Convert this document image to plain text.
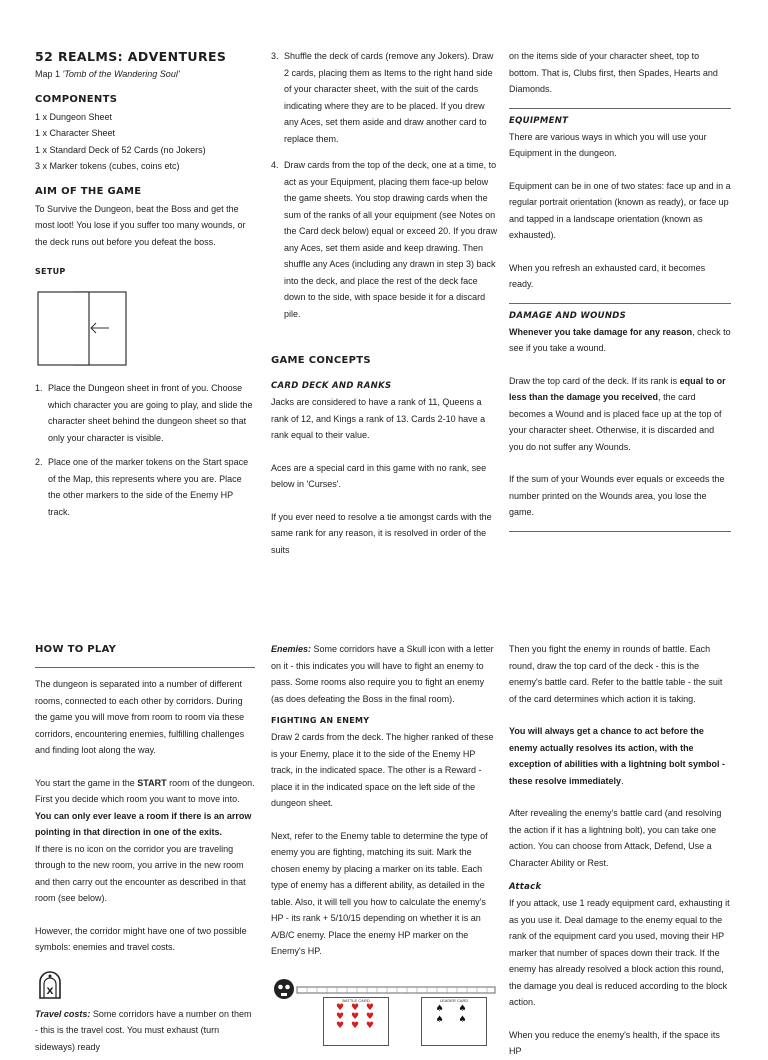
52 REALMS: ADVENTURES

Map 1 'Tomb of the Wandering Soul'

COMPONENTS

1 x Dungeon Sheet

1 x Character Sheet

1 x Standard Deck of 52 Cards (no Jokers)

3 x Marker tokens (cubes, coins etc)

AIM OF THE GAME

To Survive the Dungeon, beat the Boss and get the most loot! You lose if you suffer too many wounds, or the deck runs out before you defeat the boss.

SETUP
1. Place the Dungeon sheet in front of you. Choose which character you are going to play, and slide the character sheet behind the dungeon sheet so that only your character is visible.
2. Place one of the marker tokens on the Start space of the Map, this represents where you are. Place the other markers to the side of the Enemy HP track.
3. Shuffle the deck of cards (remove any Jokers). Draw 2 cards, placing them as Items to the right hand side of your character sheet, with the suit of the cards indicating where they are to be placed. If you drew any Aces, set them aside and draw another card to replace them.
4. Draw cards from the top of the deck, one at a time, to act as your Equipment, placing them face-up below the game sheets. You stop drawing cards when the sum of the ranks of all your equipment (see Notes on the Card deck below) equal or exceed 20. If you draw any Aces, set them aside and keep drawing. Then shuffle any Aces (including any drawn in step 3) back into the deck, and place the rest of the deck face down to the side, with space beside it for a discard pile.
GAME CONCEPTS
CARD DECK AND RANKS

Jacks are considered to have a rank of 11, Queens a rank of 12, and Kings a rank of 13. Cards 2-10 have a rank equal to their value.

Aces are a special card in this game with no rank, see below in 'Curses'.

If you ever need to resolve a tie amongst cards with the same rank for any reason, it is resolved in order of the suits

on the items side of your character sheet, top to bottom. That is, Clubs first, then Spades, Hearts and Diamonds.

EQUIPMENT

There are various ways in which you will use your Equipment in the dungeon.

Equipment can be in one of two states: face up and in a regular portrait orientation (known as ready), or face up and tapped in a landscape orientation (known as exhausted).

When you refresh an exhausted card, it becomes ready.

DAMAGE AND WOUNDS

Whenever you take damage for any reason, check to see if you take a wound.

Draw the top card of the deck. If its rank is equal to or less than the damage you received, the card becomes a Wound and is placed face up at the top of your character sheet. Otherwise, it is discarded and you do not suffer any Wounds.

If the sum of your Wounds ever equals or exceeds the number printed on the Wounds area, you lose the game.

HOW TO PLAY

The dungeon is separated into a number of different rooms, connected to each other by corridors. During the game you will move from room to room via these corridors, encountering enemies, fulfilling challenges and finding loot along the way.

You start the game in the START room of the dungeon. First you decide which room you want to move into. You can only ever leave a room if there is an arrow pointing in that direction in one of the exits.

If there is no icon on the corridor you are traveling through to the new room, you arrive in the new room and then carry out the encounter as described in that room (see below).

However, the corridor might have one of two possible symbols: enemies and travel costs.

X

Travel costs: Some corridors have a number on them - this is the travel cost. You must exhaust (turn sideways) ready

Enemies: Some corridors have a Skull icon with a letter on it - this indicates you will have to fight an enemy to pass. Some rooms also require you to fight an enemy (as does defeating the Boss in the final room).

FIGHTING AN ENEMY

Draw 2 cards from the deck. The higher ranked of these is your Enemy, place it to the side of the Enemy HP track, in the indicated space. The other is a Reward - place it in the indicated space on the left side of the dungeon sheet.

Next, refer to the Enemy table to determine the type of enemy you are fighting, matching its suit. Mark the chosen enemy by placing a marker on its table. Each type of enemy has a different ability, as detailed in the table. Also, it will tell you how to calculate the enemy's HP - its rank + 5/10/15 depending on whether it is an A/B/C enemy. Place the enemy HP marker on the Enemy's HP.

BATTLE CARD
♥ ♥ ♥
♥ ♥ ♥
♥ ♥ ♥
LEADER CARD
♠ ♠
♠ ♠

Then you fight the enemy in rounds of battle. Each round, draw the top card of the deck - this is the enemy's battle card. Refer to the battle table - the suit of the card determines which action it is taking.

You will always get a chance to act before the enemy actually resolves its action, with the exception of abilities with a lightning bolt symbol - these resolve immediately.

After revealing the enemy's battle card (and resolving the action if it has a lightning bolt), you can take one action. You can choose from Attack, Defend, Use a Character Ability or Rest.

Attack

If you attack, use 1 ready equipment card, exhausting it as you use it. Deal damage to the enemy equal to the rank of the equipment card you used, moving their HP marker that number of spaces down their track. If the enemy has already resolved a block action this round, the damage you deal is reduced according to the block action.

When you reduce the enemy's health, if the space its HP
